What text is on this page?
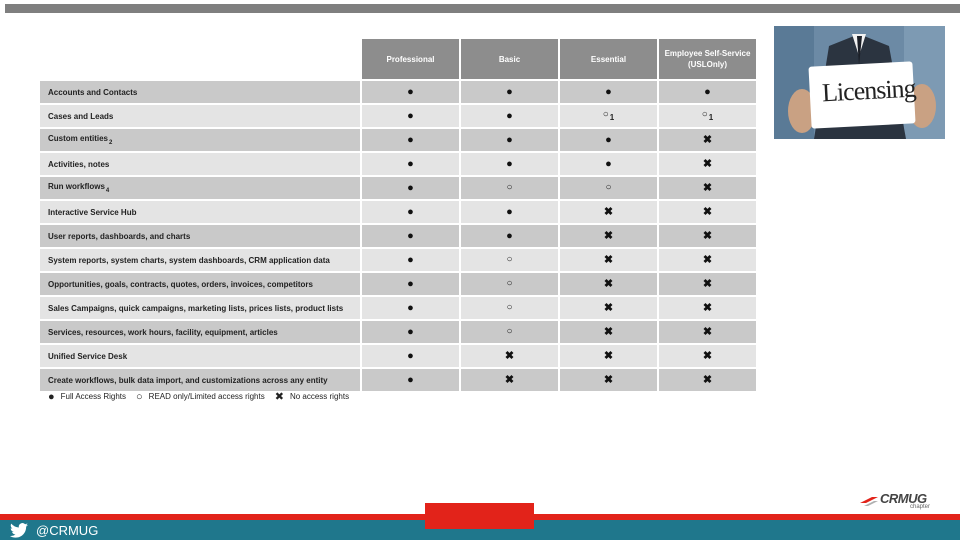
	Professional	Basic	Essential	Employee Self-Service (USLOnly)
Accounts and Contacts	●	●	●	●
Cases and Leads	●	●	$○_1$	$○_1$
Custom entities$_2$	●	●	●	✖
Activities, notes	●	●	●	✖
Run workflows$_4$	●	○	○	✖
Interactive Service Hub	●	●	✖	✖
User reports, dashboards, and charts	●	●	✖	✖
System reports, system charts, system dashboards, CRM application data	●	○	✖	✖
Opportunities, goals, contracts, quotes, orders, invoices, competitors	●	○	✖	✖
Sales Campaigns, quick campaigns, marketing lists, prices lists, product lists	●	○	✖	✖
Services, resources, work hours, facility, equipment, articles	●	○	✖	✖
Unified Service Desk	●	✖	✖	✖
Create workflows, bulk data import, and customizations across any entity	●	✖	✖	✖
● Full Access Rights ○ READ only/Limited access rights ✖ No access rights
Licensing
@CRMUG
CRMUG
chapter
